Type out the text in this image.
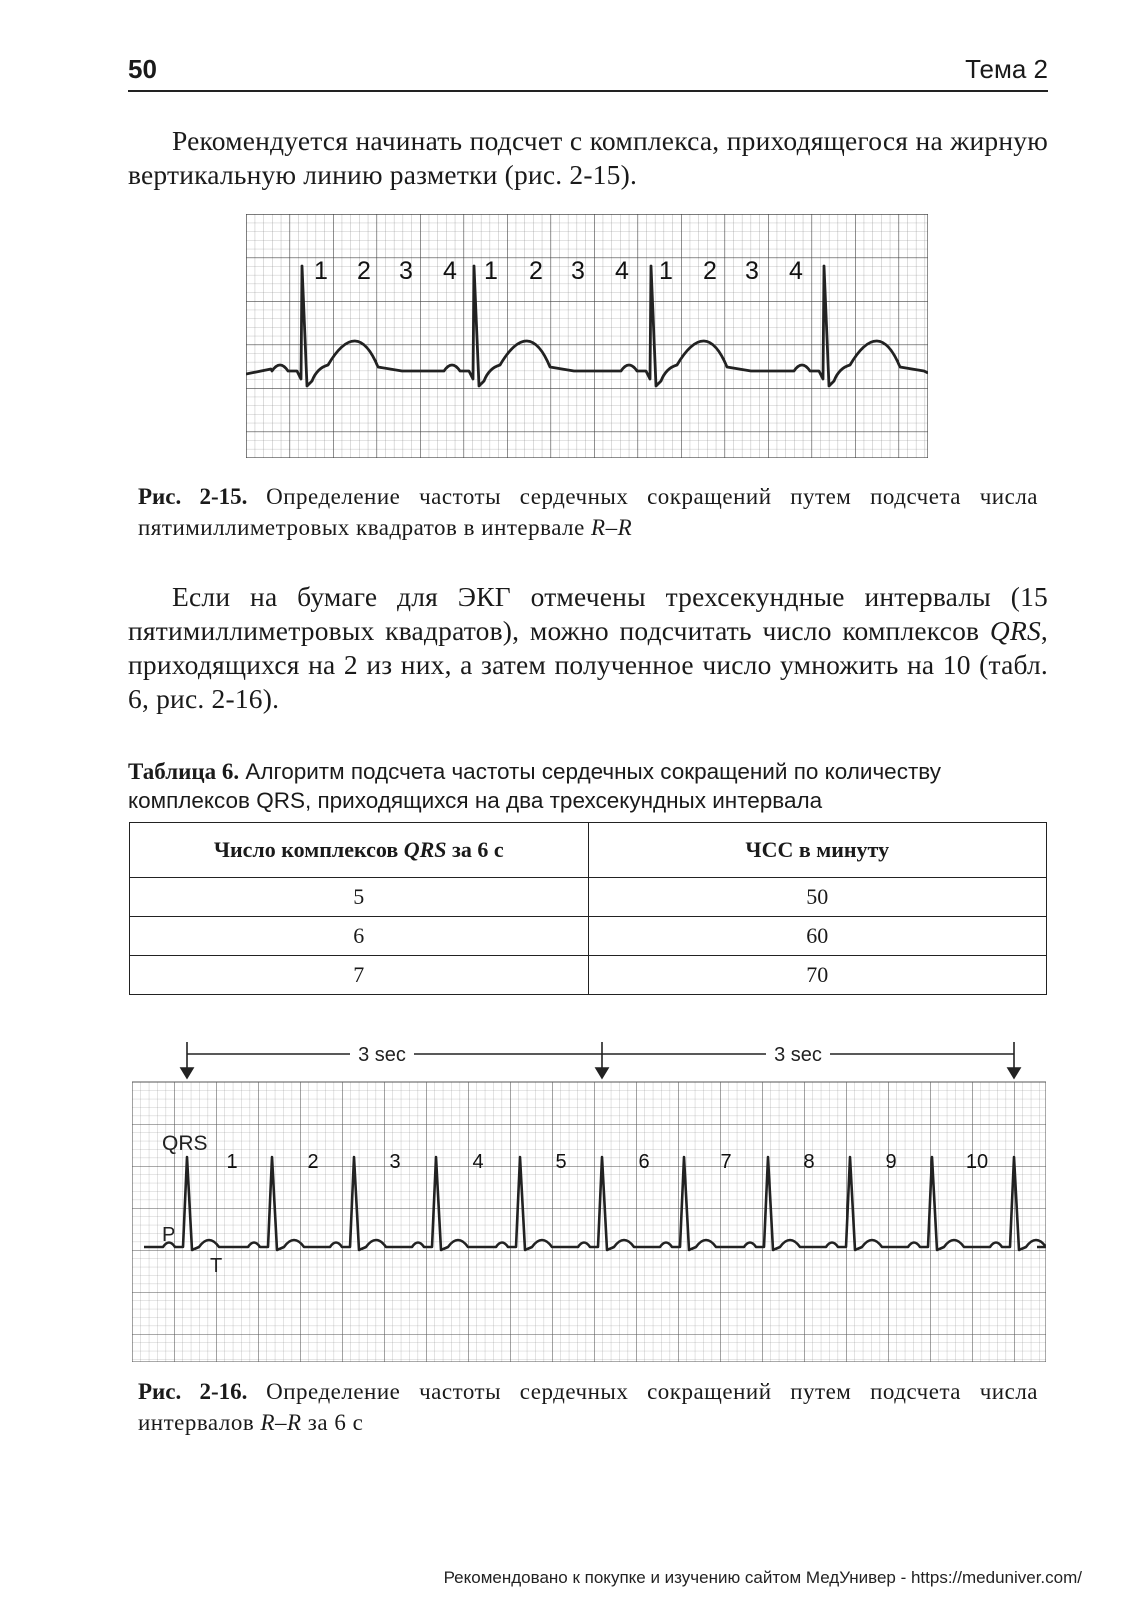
50	Тема 2

Рекомендуется начинать подсчет с комплекса, приходящегося на жирную вертикальную линию разметки (рис. 2-15).

1 2 3 4 1 2 3 4 1 2 3 4

Рис. 2-15. Определение частоты сердечных сокращений путем подсчета числа пятимиллиметровых квадратов в интервале R–R

Если на бумаге для ЭКГ отмечены трехсекундные интервалы (15 пятимиллиметровых квадратов), можно подсчитать число комплексов QRS, приходящихся на 2 из них, а затем полученное число умножить на 10 (табл. 6, рис. 2-16).

Таблица 6. Алгоритм подсчета частоты сердечных сокращений по количеству комплексов QRS, приходящихся на два трехсекундных интервала

Число комплексов QRS за 6 с	ЧСС в минуту
5	50
6	60
7	70
3 sec	3 sec
QRS
P
T
1	2	3	4	5	6	7	8	9	10

Рис. 2-16. Определение частоты сердечных сокращений путем подсчета числа интервалов R–R за 6 с

Рекомендовано к покупке и изучению сайтом МедУнивер - https://meduniver.com/
